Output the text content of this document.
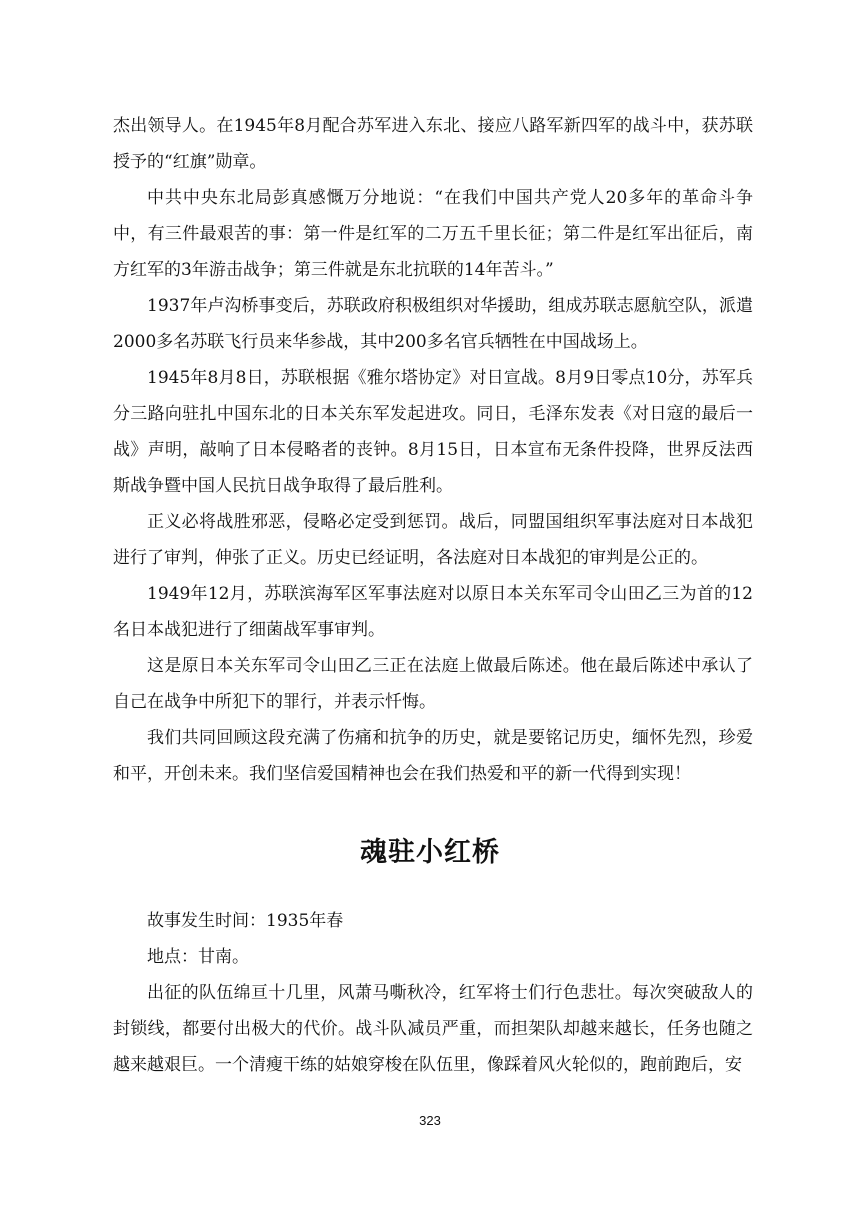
杰出领导人。在1945年8月配合苏军进入东北、接应八路军新四军的战斗中，获苏联授予的“红旗”勋章。

中共中央东北局彭真感慨万分地说：“在我们中国共产党人20多年的革命斗争中，有三件最艰苦的事：第一件是红军的二万五千里长征；第二件是红军出征后，南方红军的3年游击战争；第三件就是东北抗联的14年苦斗。”

1937年卢沟桥事变后，苏联政府积极组织对华援助，组成苏联志愿航空队，派遣2000多名苏联飞行员来华参战，其中200多名官兵牺牲在中国战场上。

1945年8月8日，苏联根据《雅尔塔协定》对日宣战。8月9日零点10分，苏军兵分三路向驻扎中国东北的日本关东军发起进攻。同日，毛泽东发表《对日寇的最后一战》声明，敲响了日本侵略者的丧钟。8月15日，日本宣布无条件投降，世界反法西斯战争暨中国人民抗日战争取得了最后胜利。

正义必将战胜邪恶，侵略必定受到惩罚。战后，同盟国组织军事法庭对日本战犯进行了审判，伸张了正义。历史已经证明，各法庭对日本战犯的审判是公正的。

1949年12月，苏联滨海军区军事法庭对以原日本关东军司令山田乙三为首的12名日本战犯进行了细菌战军事审判。

这是原日本关东军司令山田乙三正在法庭上做最后陈述。他在最后陈述中承认了自己在战争中所犯下的罪行，并表示忏悔。

我们共同回顾这段充满了伤痛和抗争的历史，就是要铭记历史，缅怀先烈，珍爱和平，开创未来。我们坚信爱国精神也会在我们热爱和平的新一代得到实现！

魂驻小红桥

故事发生时间：1935年春

地点：甘南。

出征的队伍绵亘十几里，风萧马嘶秋冷，红军将士们行色悲壮。每次突破敌人的封锁线，都要付出极大的代价。战斗队减员严重，而担架队却越来越长，任务也随之越来越艰巨。一个清瘦干练的姑娘穿梭在队伍里，像踩着风火轮似的，跑前跑后，安

323
